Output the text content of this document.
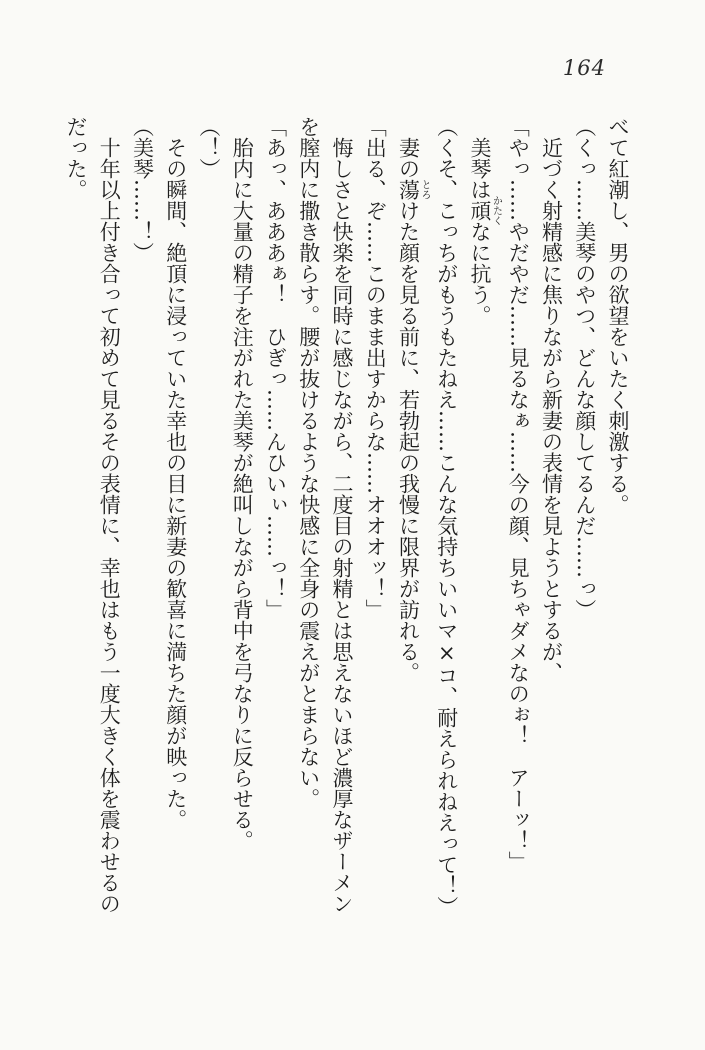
164

べて紅潮し、男の欲望をいたく刺激する。

（くっ……美琴のやつ、どんな顔してるんだ……っ）

近づく射精感に焦りながら新妻の表情を見ようとするが、

「やっ……やだやだ……見るなぁ……今の顔、見ちゃダメなのぉ！　アーッ！」

美琴は頑かたくなに抗う。

（くそ、こっちがもうもたねえ……こんな気持ちいいマ×コ、耐えられねえって！）

妻の蕩とろけた顔を見る前に、若勃起の我慢に限界が訪れる。

「出る、ぞ……このまま出すからな……オオオッ！」

悔しさと快楽を同時に感じながら、二度目の射精とは思えないほど濃厚なザーメンを膣内に撒き散らす。腰が抜けるような快感に全身の震えがとまらない。

「あっ、あああぁ！　ひぎっ……んひいぃ……っ！」

胎内に大量の精子を注がれた美琴が絶叫しながら背中を弓なりに反らせる。

（！）

その瞬間、絶頂に浸っていた幸也の目に新妻の歓喜に満ちた顔が映った。

（美琴……！）

十年以上付き合って初めて見るその表情に、幸也はもう一度大きく体を震わせるのだった。
